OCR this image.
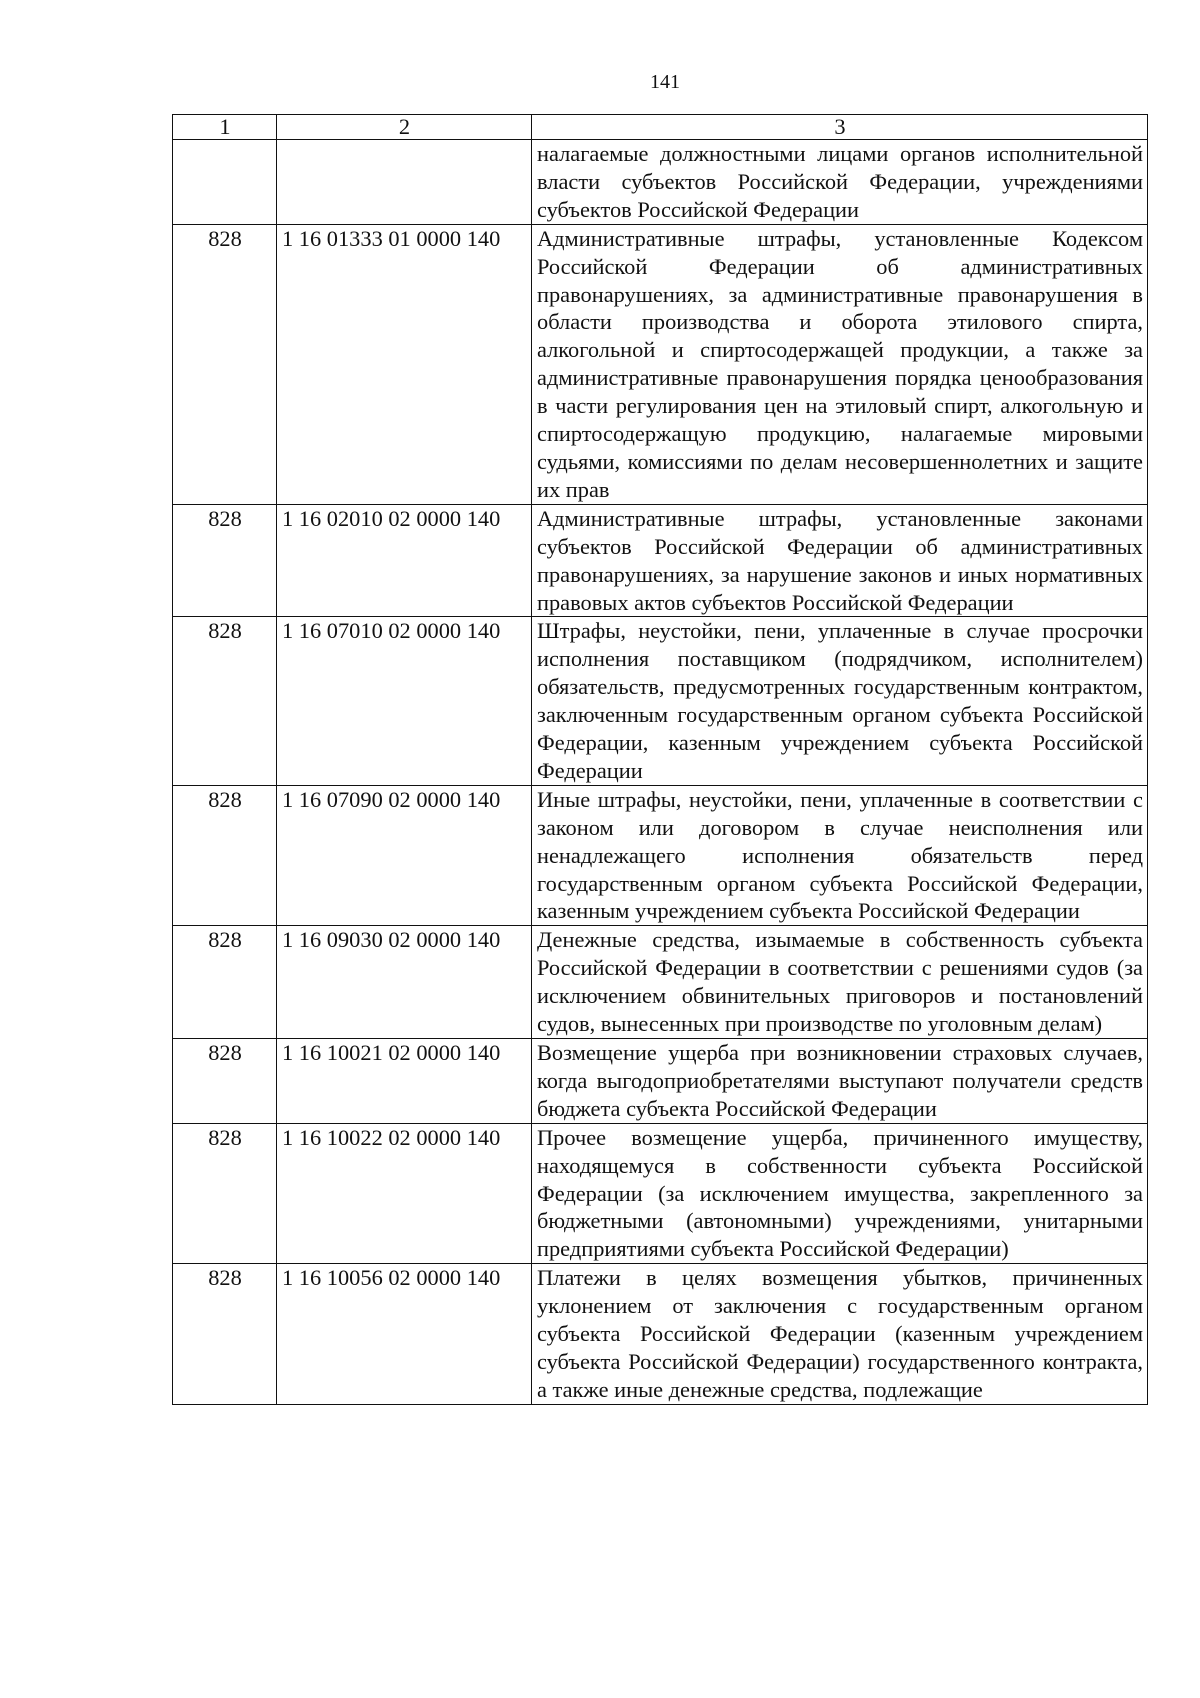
141
1	2	3
		налагаемые должностными лицами органов исполнительной власти субъектов Российской Федерации, учреждениями субъектов Российской Федерации
828	1 16 01333 01 0000 140	Административные штрафы, установленные Кодексом Российской Федерации об административных правонарушениях, за административные правонарушения в области производства и оборота этилового спирта, алкогольной и спиртосодержащей продукции, а также за административные правонарушения порядка ценообразования в части регулирования цен на этиловый спирт, алкогольную и спиртосодержащую продукцию, налагаемые мировыми судьями, комиссиями по делам несовершеннолетних и защите их прав
828	1 16 02010 02 0000 140	Административные штрафы, установленные законами субъектов Российской Федерации об административных правонарушениях, за нарушение законов и иных нормативных правовых актов субъектов Российской Федерации
828	1 16 07010 02 0000 140	Штрафы, неустойки, пени, уплаченные в случае просрочки исполнения поставщиком (подрядчиком, исполнителем) обязательств, предусмотренных государственным контрактом, заключенным государственным органом субъекта Российской Федерации, казенным учреждением субъекта Российской Федерации
828	1 16 07090 02 0000 140	Иные штрафы, неустойки, пени, уплаченные в соответствии с законом или договором в случае неисполнения или ненадлежащего исполнения обязательств перед государственным органом субъекта Российской Федерации, казенным учреждением субъекта Российской Федерации
828	1 16 09030 02 0000 140	Денежные средства, изымаемые в собственность субъекта Российской Федерации в соответствии с решениями судов (за исключением обвинительных приговоров и постановлений судов, вынесенных при производстве по уголовным делам)
828	1 16 10021 02 0000 140	Возмещение ущерба при возникновении страховых случаев, когда выгодоприобретателями выступают получатели средств бюджета субъекта Российской Федерации
828	1 16 10022 02 0000 140	Прочее возмещение ущерба, причиненного имуществу, находящемуся в собственности субъекта Российской Федерации (за исключением имущества, закрепленного за бюджетными (автономными) учреждениями, унитарными предприятиями субъекта Российской Федерации)
828	1 16 10056 02 0000 140	Платежи в целях возмещения убытков, причиненных уклонением от заключения с государственным органом субъекта Российской Федерации (казенным учреждением субъекта Российской Федерации) государственного контракта, а также иные денежные средства, подлежащие
